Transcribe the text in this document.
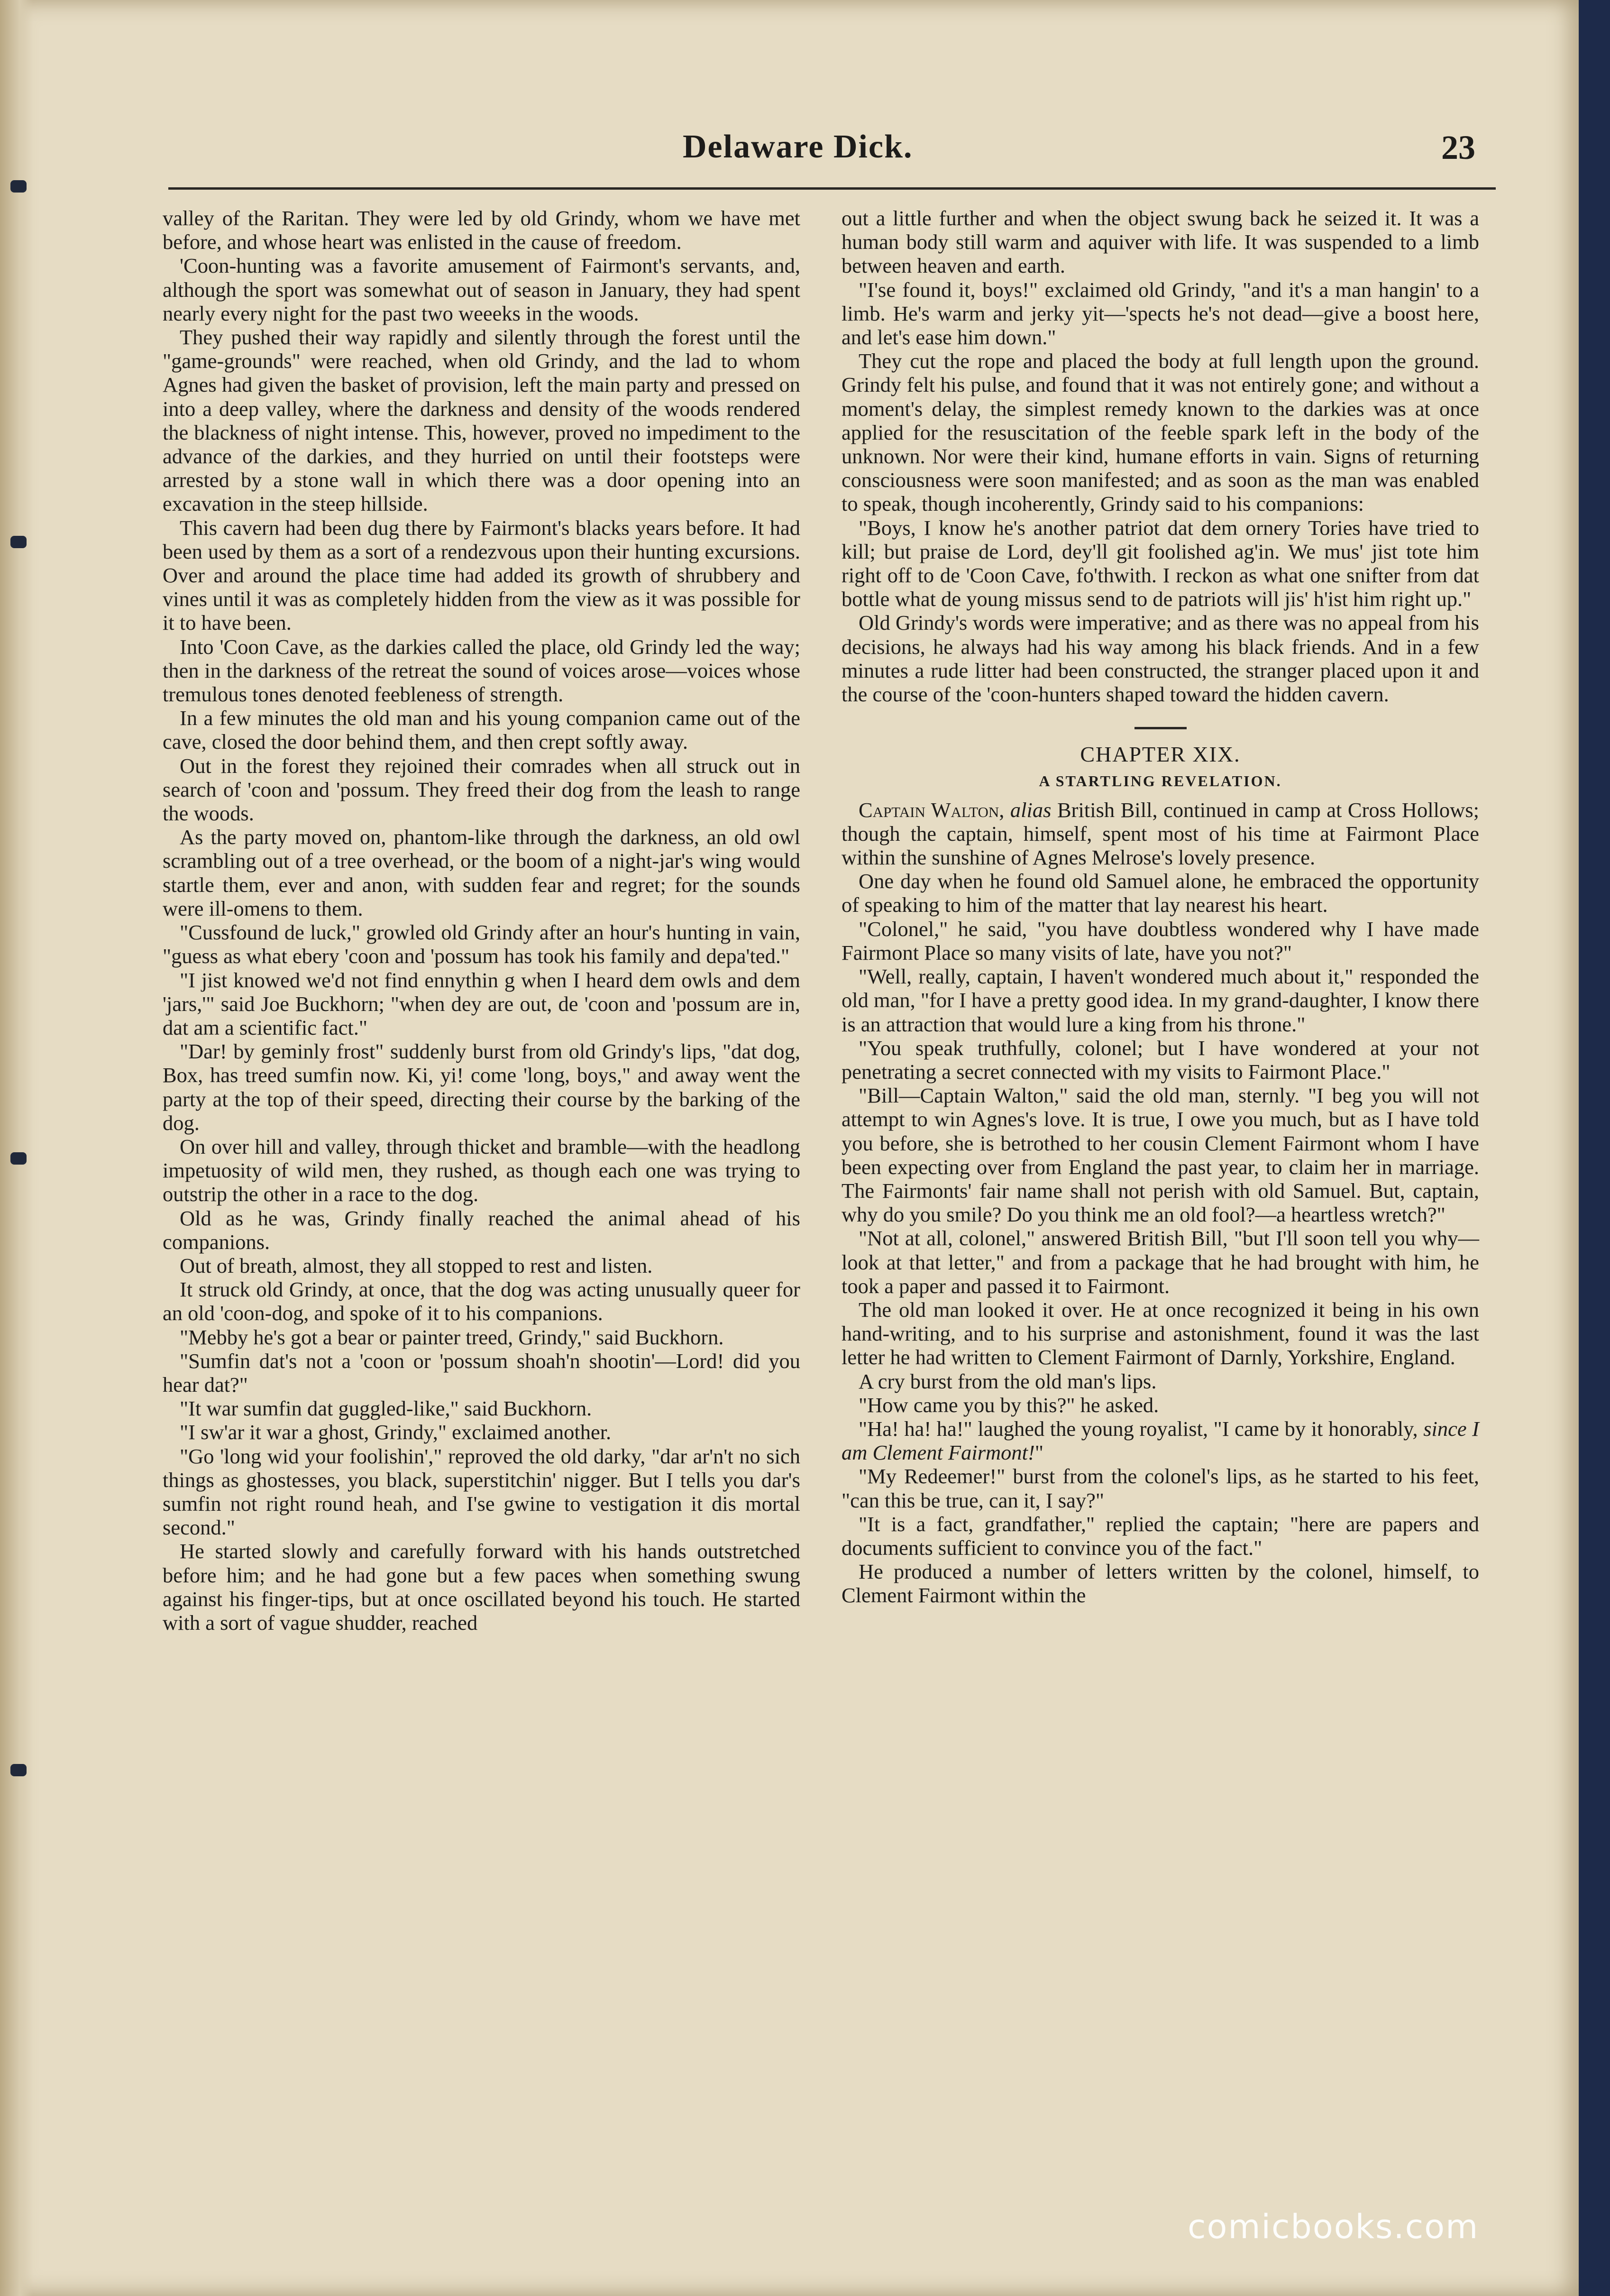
Delaware Dick.	23

valley of the Raritan. They were led by old Grindy, whom we have met before, and whose heart was enlisted in the cause of freedom.

'Coon-hunting was a favorite amusement of Fairmont's servants, and, although the sport was somewhat out of season in January, they had spent nearly every night for the past two weeeks in the woods.

They pushed their way rapidly and silently through the forest until the "game-grounds" were reached, when old Grindy, and the lad to whom Agnes had given the basket of provision, left the main party and pressed on into a deep valley, where the darkness and density of the woods rendered the blackness of night intense. This, however, proved no impediment to the advance of the darkies, and they hurried on until their footsteps were arrested by a stone wall in which there was a door opening into an excavation in the steep hillside.

This cavern had been dug there by Fairmont's blacks years before. It had been used by them as a sort of a rendezvous upon their hunting excursions. Over and around the place time had added its growth of shrubbery and vines until it was as completely hidden from the view as it was possible for it to have been.

Into 'Coon Cave, as the darkies called the place, old Grindy led the way; then in the darkness of the retreat the sound of voices arose—voices whose tremulous tones denoted feebleness of strength.

In a few minutes the old man and his young companion came out of the cave, closed the door behind them, and then crept softly away.

Out in the forest they rejoined their comrades when all struck out in search of 'coon and 'possum. They freed their dog from the leash to range the woods.

As the party moved on, phantom-like through the darkness, an old owl scrambling out of a tree overhead, or the boom of a night-jar's wing would startle them, ever and anon, with sudden fear and regret; for the sounds were ill-omens to them.

"Cussfound de luck," growled old Grindy after an hour's hunting in vain, "guess as what ebery 'coon and 'possum has took his family and depa'ted."

"I jist knowed we'd not find ennythin g when I heard dem owls and dem 'jars,'" said Joe Buckhorn; "when dey are out, de 'coon and 'possum are in, dat am a scientific fact."

"Dar! by geminly frost" suddenly burst from old Grindy's lips, "dat dog, Box, has treed sumfin now. Ki, yi! come 'long, boys," and away went the party at the top of their speed, directing their course by the barking of the dog.

On over hill and valley, through thicket and bramble—with the headlong impetuosity of wild men, they rushed, as though each one was trying to outstrip the other in a race to the dog.

Old as he was, Grindy finally reached the animal ahead of his companions.

Out of breath, almost, they all stopped to rest and listen.

It struck old Grindy, at once, that the dog was acting unusually queer for an old 'coon-dog, and spoke of it to his companions.

"Mebby he's got a bear or painter treed, Grindy," said Buckhorn.

"Sumfin dat's not a 'coon or 'possum shoah'n shootin'—Lord! did you hear dat?"

"It war sumfin dat guggled-like," said Buckhorn.

"I sw'ar it war a ghost, Grindy," exclaimed another.

"Go 'long wid your foolishin'," reproved the old darky, "dar ar'n't no sich things as ghostesses, you black, superstitchin' nigger. But I tells you dar's sumfin not right round heah, and I'se gwine to vestigation it dis mortal second."

He started slowly and carefully forward with his hands outstretched before him; and he had gone but a few paces when something swung against his finger-tips, but at once oscillated beyond his touch. He started with a sort of vague shudder, reached

out a little further and when the object swung back he seized it. It was a human body still warm and aquiver with life. It was suspended to a limb between heaven and earth.

"I'se found it, boys!" exclaimed old Grindy, "and it's a man hangin' to a limb. He's warm and jerky yit—'spects he's not dead—give a boost here, and let's ease him down."

They cut the rope and placed the body at full length upon the ground. Grindy felt his pulse, and found that it was not entirely gone; and without a moment's delay, the simplest remedy known to the darkies was at once applied for the resuscitation of the feeble spark left in the body of the unknown. Nor were their kind, humane efforts in vain. Signs of returning consciousness were soon manifested; and as soon as the man was enabled to speak, though incoherently, Grindy said to his companions:

"Boys, I know he's another patriot dat dem ornery Tories have tried to kill; but praise de Lord, dey'll git foolished ag'in. We mus' jist tote him right off to de 'Coon Cave, fo'thwith. I reckon as what one snifter from dat bottle what de young missus send to de patriots will jis' h'ist him right up."

Old Grindy's words were imperative; and as there was no appeal from his decisions, he always had his way among his black friends. And in a few minutes a rude litter had been constructed, the stranger placed upon it and the course of the 'coon-hunters shaped toward the hidden cavern.

CHAPTER XIX.
A STARTLING REVELATION.

Captain Walton, alias British Bill, continued in camp at Cross Hollows; though the captain, himself, spent most of his time at Fairmont Place within the sunshine of Agnes Melrose's lovely presence.

One day when he found old Samuel alone, he embraced the opportunity of speaking to him of the matter that lay nearest his heart.

"Colonel," he said, "you have doubtless wondered why I have made Fairmont Place so many visits of late, have you not?"

"Well, really, captain, I haven't wondered much about it," responded the old man, "for I have a pretty good idea. In my grand-daughter, I know there is an attraction that would lure a king from his throne."

"You speak truthfully, colonel; but I have wondered at your not penetrating a secret connected with my visits to Fairmont Place."

"Bill—Captain Walton," said the old man, sternly. "I beg you will not attempt to win Agnes's love. It is true, I owe you much, but as I have told you before, she is betrothed to her cousin Clement Fairmont whom I have been expecting over from England the past year, to claim her in marriage. The Fairmonts' fair name shall not perish with old Samuel. But, captain, why do you smile? Do you think me an old fool?—a heartless wretch?"

"Not at all, colonel," answered British Bill, "but I'll soon tell you why—look at that letter," and from a package that he had brought with him, he took a paper and passed it to Fairmont.

The old man looked it over. He at once recognized it being in his own hand-writing, and to his surprise and astonishment, found it was the last letter he had written to Clement Fairmont of Darnly, Yorkshire, England.

A cry burst from the old man's lips.

"How came you by this?" he asked.

"Ha! ha! ha!" laughed the young royalist, "I came by it honorably, since I am Clement Fairmont!"

"My Redeemer!" burst from the colonel's lips, as he started to his feet, "can this be true, can it, I say?"

"It is a fact, grandfather," replied the captain; "here are papers and documents sufficient to convince you of the fact."

He produced a number of letters written by the colonel, himself, to Clement Fairmont within the

comicbooks.com
